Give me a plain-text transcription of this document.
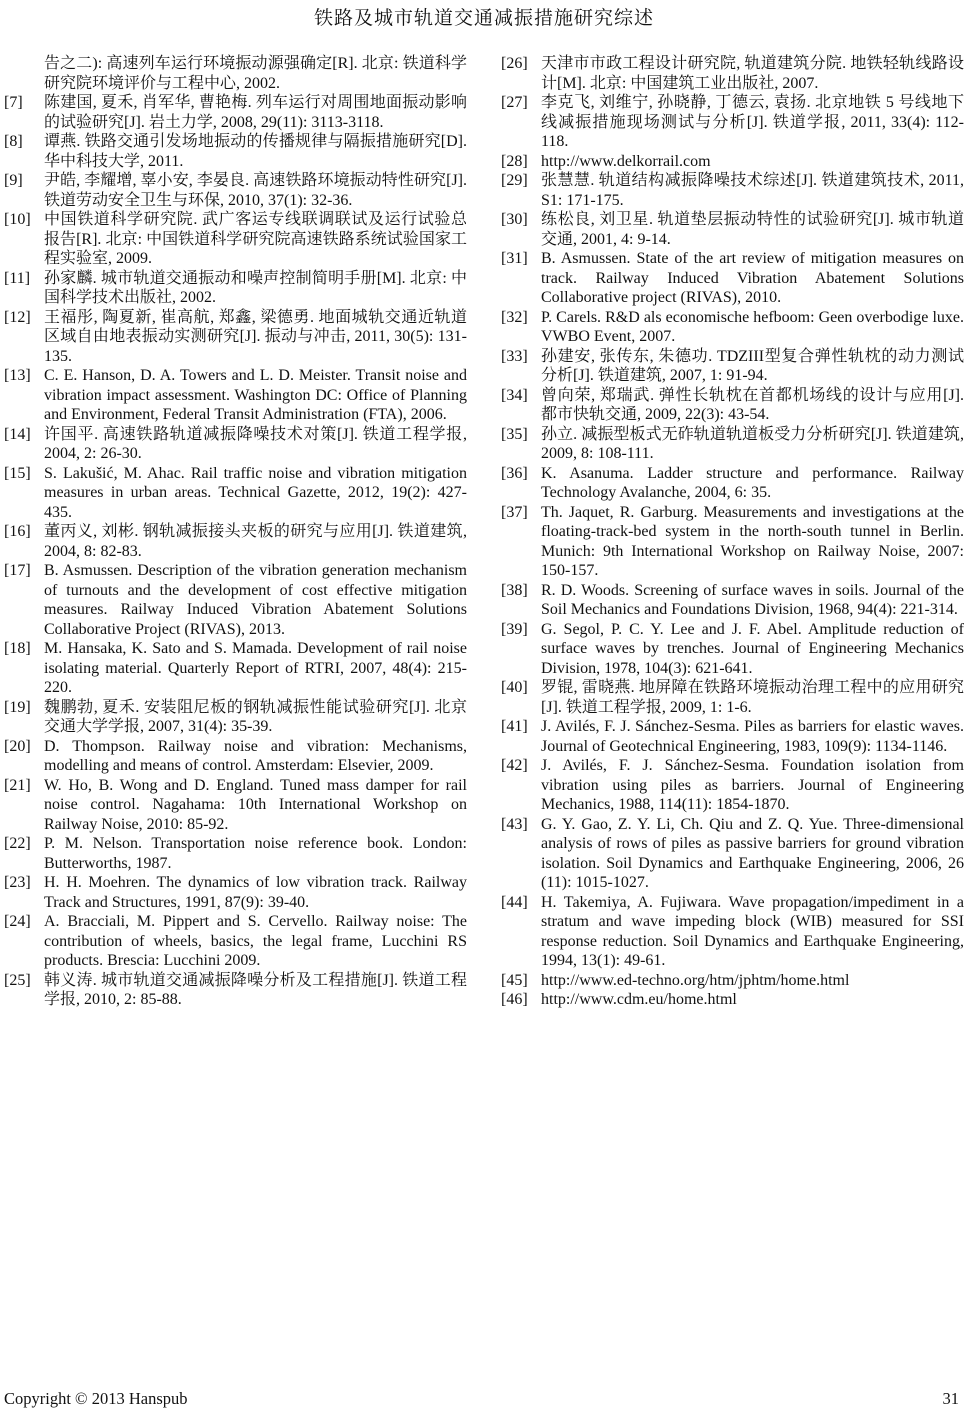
铁路及城市轨道交通减振措施研究综述
告之二): 高速列车运行环境振动源强确定[R]. 北京: 铁道科学研究院环境评价与工程中心, 2002.
[7] 陈建国, 夏禾, 肖军华, 曹艳梅. 列车运行对周围地面振动影响的试验研究[J]. 岩土力学, 2008, 29(11): 3113-3118.
[8] 谭燕. 铁路交通引发场地振动的传播规律与隔振措施研究[D]. 华中科技大学, 2011.
[9] 尹皓, 李耀增, 辜小安, 李晏良. 高速铁路环境振动特性研究[J]. 铁道劳动安全卫生与环保, 2010, 37(1): 32-36.
[10] 中国铁道科学研究院. 武广客运专线联调联试及运行试验总报告[R]. 北京: 中国铁道科学研究院高速铁路系统试验国家工程实验室, 2009.
[11] 孙家麟. 城市轨道交通振动和噪声控制简明手册[M]. 北京: 中国科学技术出版社, 2002.
[12] 王福彤, 陶夏新, 崔高航, 郑鑫, 梁德勇. 地面城轨交通近轨道区域自由地表振动实测研究[J]. 振动与冲击, 2011, 30(5): 131-135.
[13] C. E. Hanson, D. A. Towers and L. D. Meister. Transit noise and vibration impact assessment. Washington DC: Office of Planning and Environment, Federal Transit Administration (FTA), 2006.
[14] 许国平. 高速铁路轨道减振降噪技术对策[J]. 铁道工程学报, 2004, 2: 26-30.
[15] S. Lakušić, M. Ahac. Rail traffic noise and vibration mitigation measures in urban areas. Technical Gazette, 2012, 19(2): 427-435.
[16] 董丙义, 刘彬. 钢轨减振接头夹板的研究与应用[J]. 铁道建筑, 2004, 8: 82-83.
[17] B. Asmussen. Description of the vibration generation mechanism of turnouts and the development of cost effective mitigation measures. Railway Induced Vibration Abatement Solutions Collaborative Project (RIVAS), 2013.
[18] M. Hansaka, K. Sato and S. Mamada. Development of rail noise isolating material. Quarterly Report of RTRI, 2007, 48(4): 215-220.
[19] 魏鹏勃, 夏禾. 安装阻尼板的钢轨减振性能试验研究[J]. 北京交通大学学报, 2007, 31(4): 35-39.
[20] D. Thompson. Railway noise and vibration: Mechanisms, modelling and means of control. Amsterdam: Elsevier, 2009.
[21] W. Ho, B. Wong and D. England. Tuned mass damper for rail noise control. Nagahama: 10th International Workshop on Railway Noise, 2010: 85-92.
[22] P. M. Nelson. Transportation noise reference book. London: Butterworths, 1987.
[23] H. H. Moehren. The dynamics of low vibration track. Railway Track and Structures, 1991, 87(9): 39-40.
[24] A. Bracciali, M. Pippert and S. Cervello. Railway noise: The contribution of wheels, basics, the legal frame, Lucchini RS products. Brescia: Lucchini 2009.
[25] 韩义涛. 城市轨道交通减振降噪分析及工程措施[J]. 铁道工程学报, 2010, 2: 85-88.
[26] 天津市市政工程设计研究院, 轨道建筑分院. 地铁轻轨线路设计[M]. 北京: 中国建筑工业出版社, 2007.
[27] 李克飞, 刘维宁, 孙晓静, 丁德云, 袁扬. 北京地铁 5 号线地下线减振措施现场测试与分析[J]. 铁道学报, 2011, 33(4): 112-118.
[28] http://www.delkorrail.com
[29] 张慧慧. 轨道结构减振降噪技术综述[J]. 铁道建筑技术, 2011, S1: 171-175.
[30] 练松良, 刘卫星. 轨道垫层振动特性的试验研究[J]. 城市轨道交通, 2001, 4: 9-14.
[31] B. Asmussen. State of the art review of mitigation measures on track. Railway Induced Vibration Abatement Solutions Collaborative project (RIVAS), 2010.
[32] P. Carels. R&D als economische hefboom: Geen overbodige luxe. VWBO Event, 2007.
[33] 孙建安, 张传东, 朱德功. TDZIII型复合弹性轨枕的动力测试分析[J]. 铁道建筑, 2007, 1: 91-94.
[34] 曾向荣, 郑瑞武. 弹性长轨枕在首都机场线的设计与应用[J]. 都市快轨交通, 2009, 22(3): 43-54.
[35] 孙立. 减振型板式无砟轨道轨道板受力分析研究[J]. 铁道建筑, 2009, 8: 108-111.
[36] K. Asanuma. Ladder structure and performance. Railway Technology Avalanche, 2004, 6: 35.
[37] Th. Jaquet, R. Garburg. Measurements and investigations at the floating-track-bed system in the north-south tunnel in Berlin. Munich: 9th International Workshop on Railway Noise, 2007: 150-157.
[38] R. D. Woods. Screening of surface waves in soils. Journal of the Soil Mechanics and Foundations Division, 1968, 94(4): 221-314.
[39] G. Segol, P. C. Y. Lee and J. F. Abel. Amplitude reduction of surface waves by trenches. Journal of Engineering Mechanics Division, 1978, 104(3): 621-641.
[40] 罗锟, 雷晓燕. 地屏障在铁路环境振动治理工程中的应用研究[J]. 铁道工程学报, 2009, 1: 1-6.
[41] J. Avilés, F. J. Sánchez-Sesma. Piles as barriers for elastic waves. Journal of Geotechnical Engineering, 1983, 109(9): 1134-1146.
[42] J. Avilés, F. J. Sánchez-Sesma. Foundation isolation from vibration using piles as barriers. Journal of Engineering Mechanics, 1988, 114(11): 1854-1870.
[43] G. Y. Gao, Z. Y. Li, Ch. Qiu and Z. Q. Yue. Three-dimensional analysis of rows of piles as passive barriers for ground vibration isolation. Soil Dynamics and Earthquake Engineering, 2006, 26 (11): 1015-1027.
[44] H. Takemiya, A. Fujiwara. Wave propagation/impediment in a stratum and wave impeding block (WIB) measured for SSI response reduction. Soil Dynamics and Earthquake Engineering, 1994, 13(1): 49-61.
[45] http://www.ed-techno.org/htm/jphtm/home.html
[46] http://www.cdm.eu/home.html
Copyright © 2013 Hanspub	31
